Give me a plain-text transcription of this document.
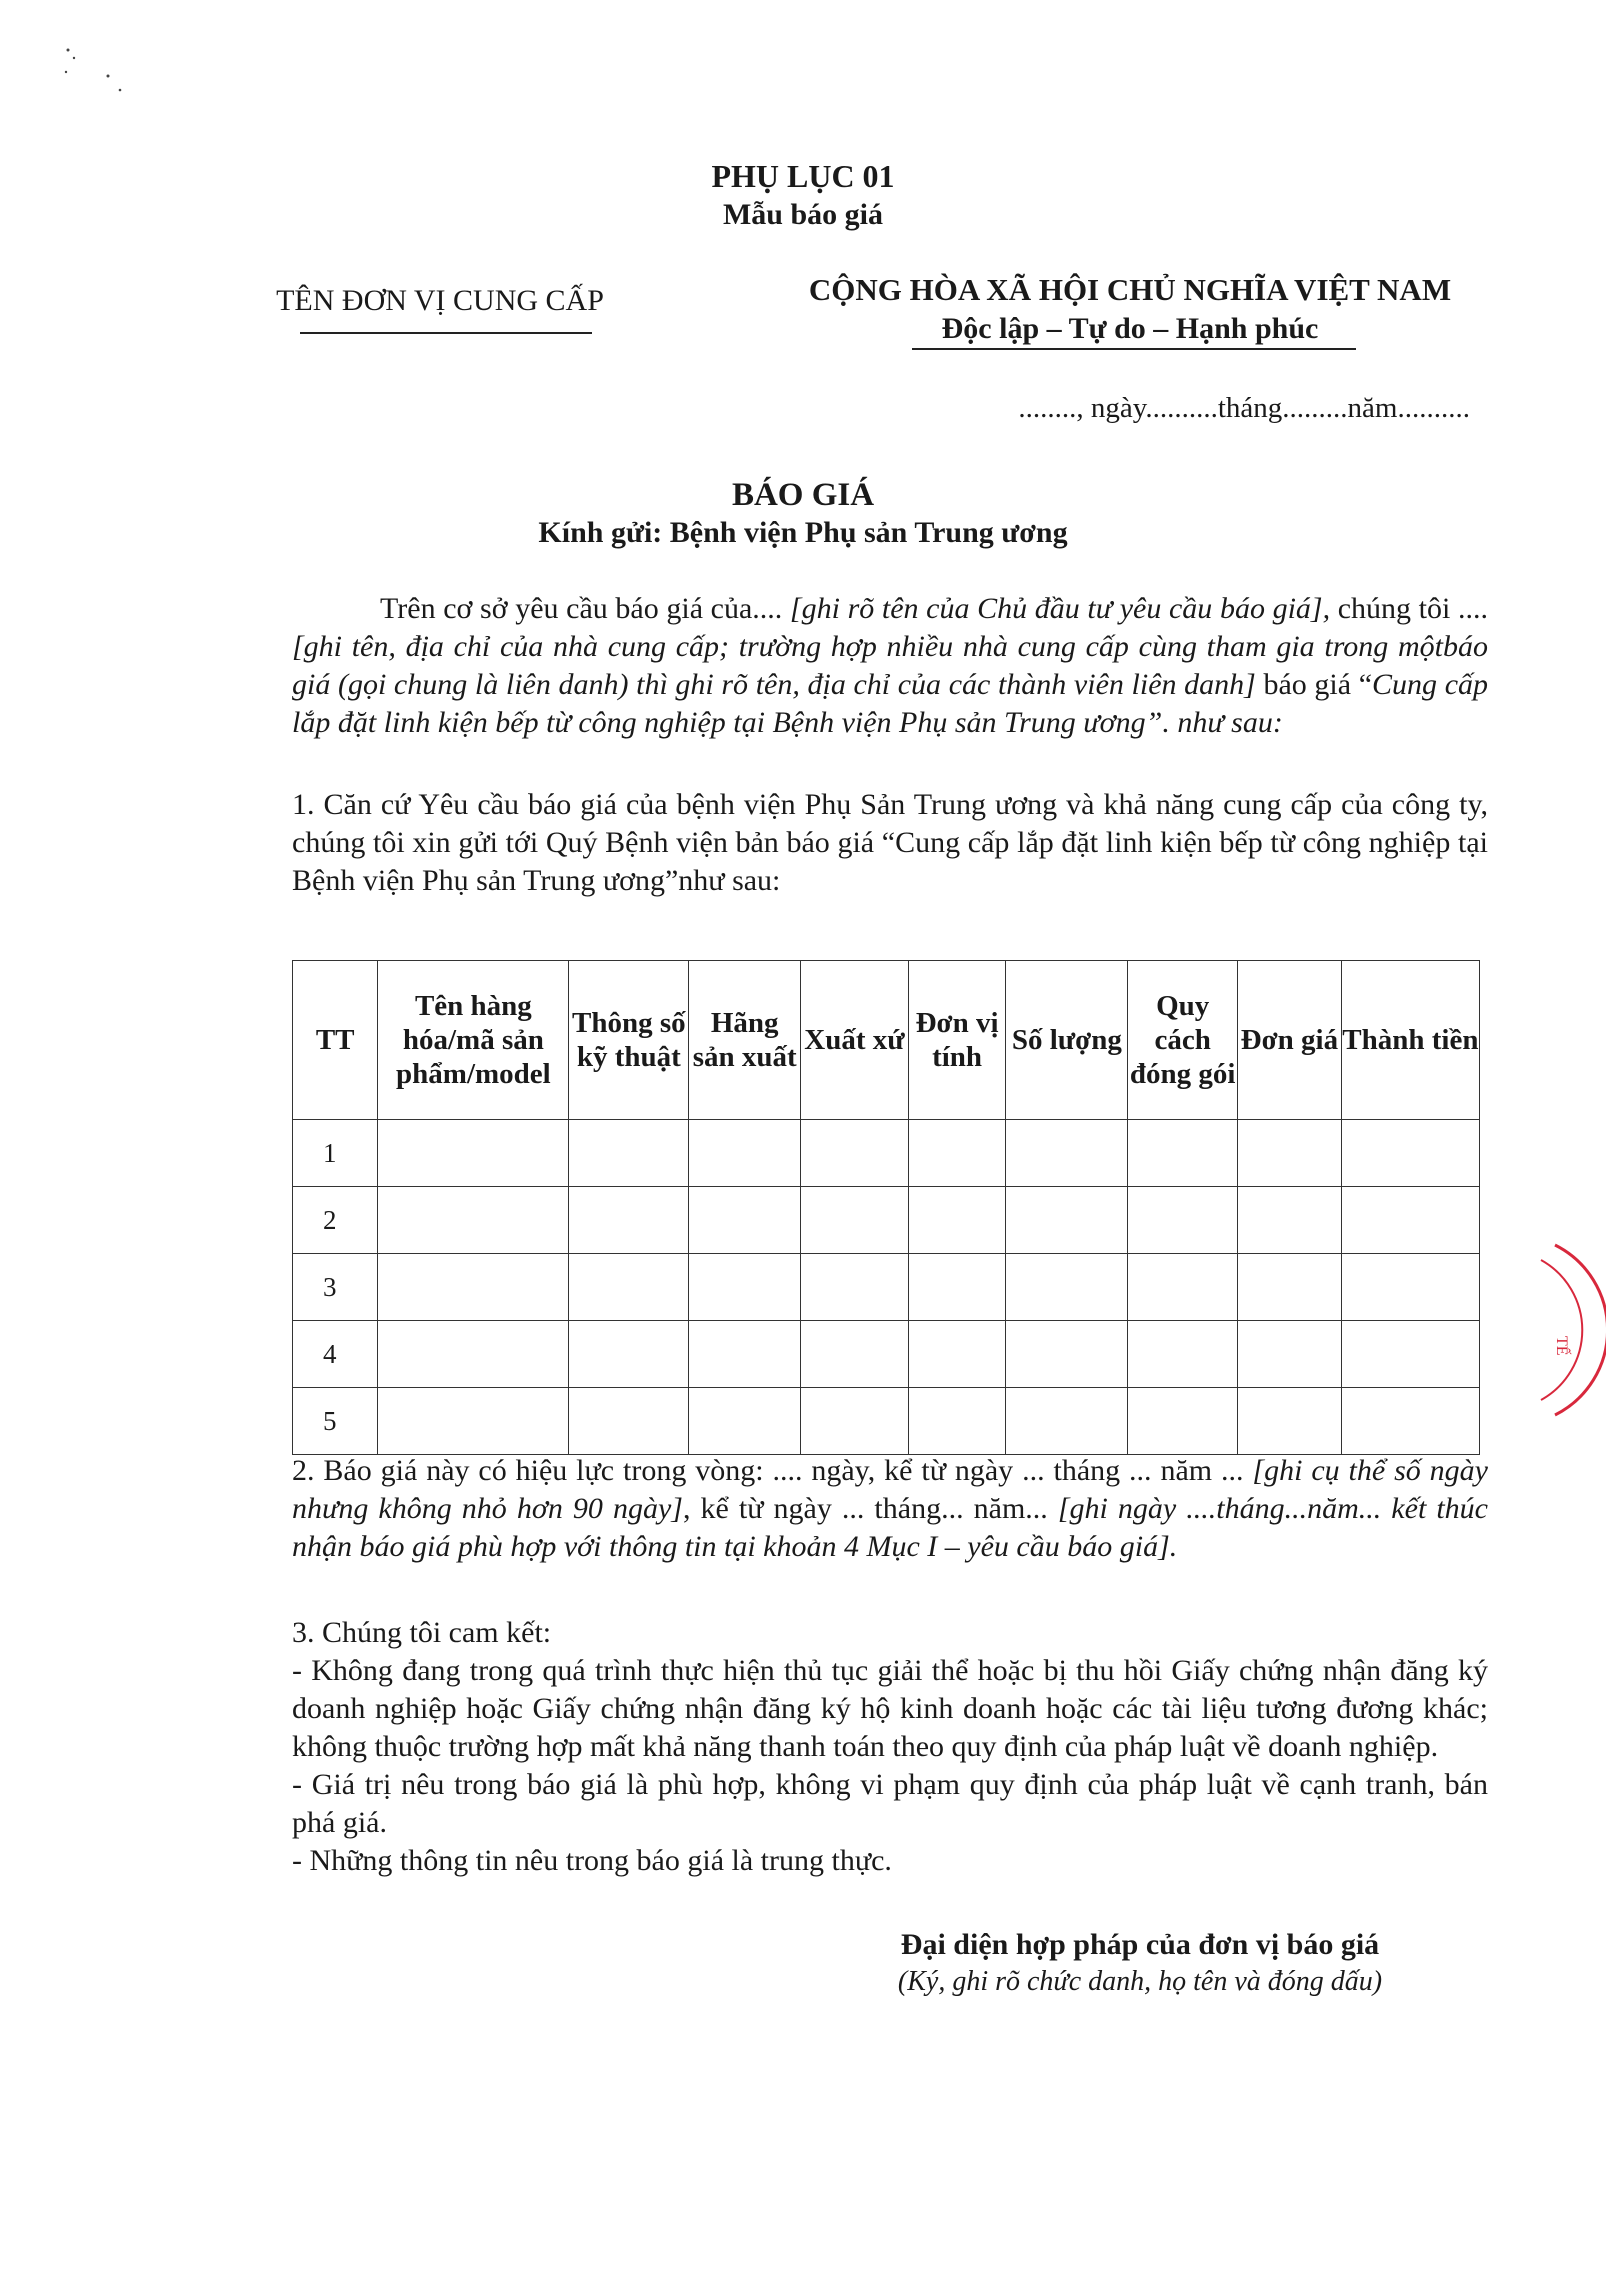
PHỤ LỤC 01
Mẫu báo giá
TÊN ĐƠN VỊ CUNG CẤP	CỘNG HÒA XÃ HỘI CHỦ NGHĨA VIỆT NAM
Độc lập – Tự do – Hạnh phúc
........, ngày..........tháng.........năm..........
BÁO GIÁ
Kính gửi: Bệnh viện Phụ sản Trung ương
Trên cơ sở yêu cầu báo giá của.... [ghi rõ tên của Chủ đầu tư yêu cầu báo giá], chúng tôi .... [ghi tên, địa chỉ của nhà cung cấp; trường hợp nhiều nhà cung cấp cùng tham gia trong mộtbáo giá (gọi chung là liên danh) thì ghi rõ tên, địa chỉ của các thành viên liên danh] báo giá “Cung cấp lắp đặt linh kiện bếp từ công nghiệp tại Bệnh viện Phụ sản Trung ương”. như sau:
1. Căn cứ Yêu cầu báo giá của bệnh viện Phụ Sản Trung ương và khả năng cung cấp của công ty, chúng tôi xin gửi tới Quý Bệnh viện bản báo giá “Cung cấp lắp đặt linh kiện bếp từ công nghiệp tại Bệnh viện Phụ sản Trung ương”như sau:
TT	Tên hàng hóa/mã sản phẩm/model	Thông số kỹ thuật	Hãng sản xuất	Xuất xứ	Đơn vị tính	Số lượng	Quy cách đóng gói	Đơn giá	Thành tiền
1									
2									
3									
4									
5									
2. Báo giá này có hiệu lực trong vòng: .... ngày, kể từ ngày ... tháng ... năm ... [ghi cụ thể số ngày nhưng không nhỏ hơn 90 ngày], kể từ ngày ... tháng... năm... [ghi ngày ....tháng...năm... kết thúc nhận báo giá phù hợp với thông tin tại khoản 4 Mục I – yêu cầu báo giá].

3. Chúng tôi cam kết:

- Không đang trong quá trình thực hiện thủ tục giải thể hoặc bị thu hồi Giấy chứng nhận đăng ký doanh nghiệp hoặc Giấy chứng nhận đăng ký hộ kinh doanh hoặc các tài liệu tương đương khác; không thuộc trường hợp mất khả năng thanh toán theo quy định của pháp luật về doanh nghiệp.

- Giá trị nêu trong báo giá là phù hợp, không vi phạm quy định của pháp luật về cạnh tranh, bán phá giá.

- Những thông tin nêu trong báo giá là trung thực.

Đại diện hợp pháp của đơn vị báo giá
(Ký, ghi rõ chức danh, họ tên và đóng dấu)
TẾ
